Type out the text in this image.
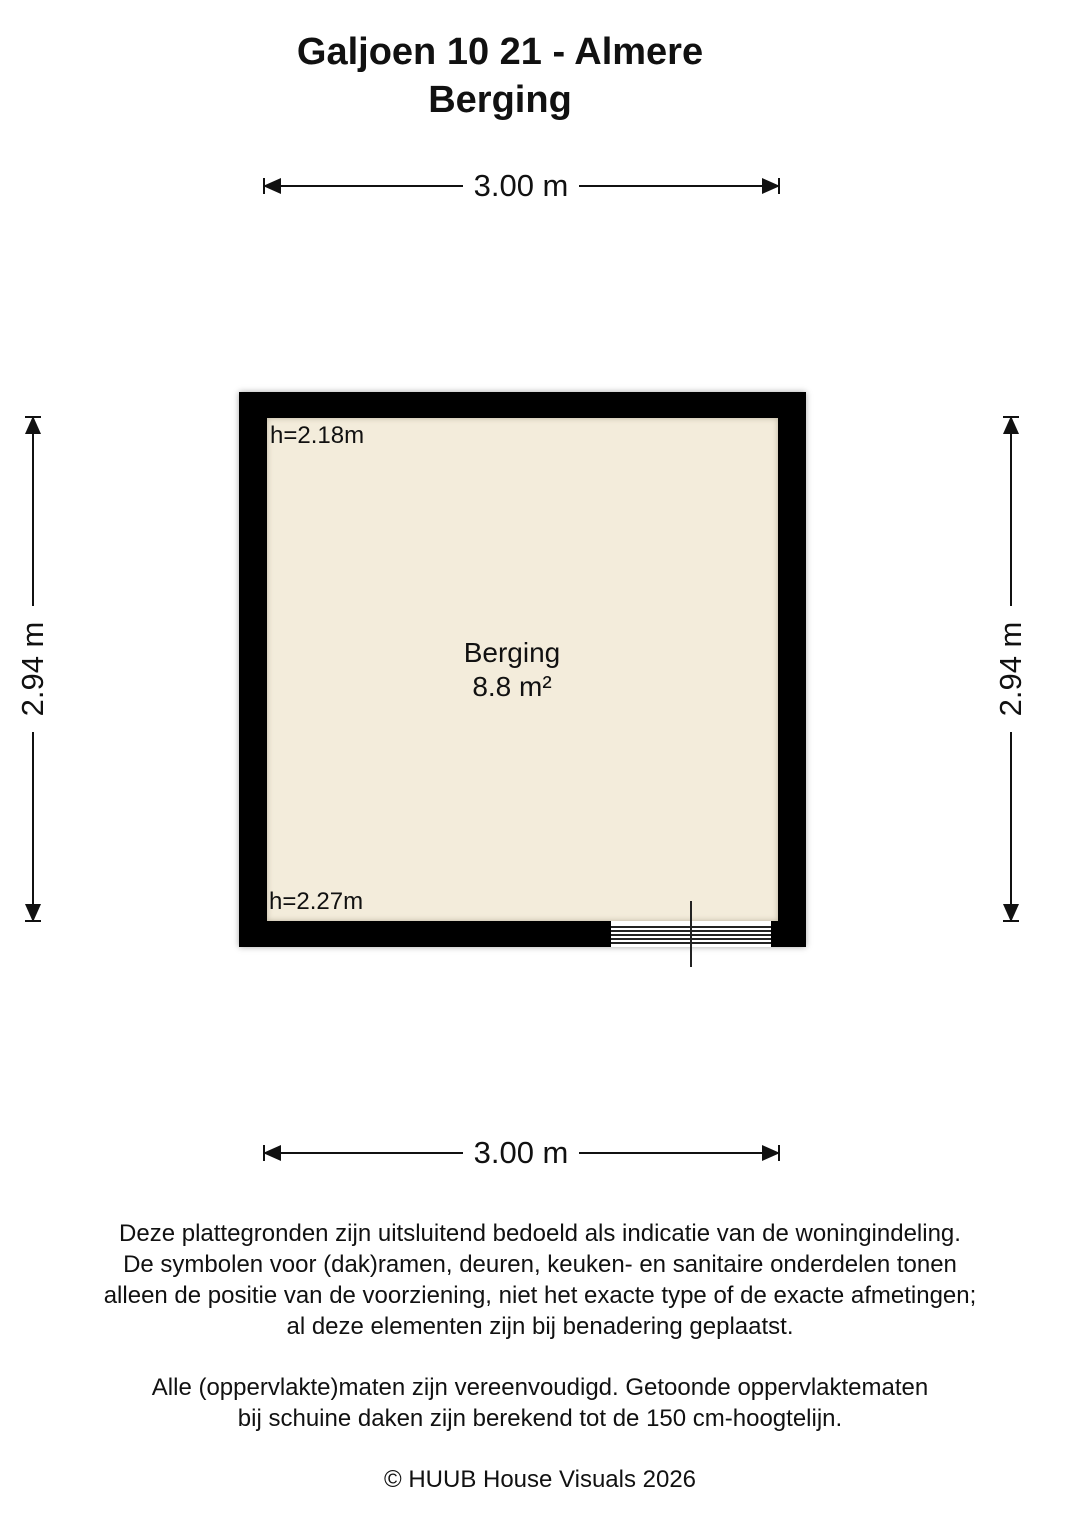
Galjoen 10 21 - Almere
Berging
3.00 m
2.94 m	2.94 m
h=2.18m
h=2.27m
Berging
8.8 m²
3.00 m
Deze plattegronden zijn uitsluitend bedoeld als indicatie van de woningindeling.
De symbolen voor (dak)ramen, deuren, keuken- en sanitaire onderdelen tonen
alleen de positie van de voorziening, niet het exacte type of de exacte afmetingen;
al deze elementen zijn bij benadering geplaatst.
Alle (oppervlakte)maten zijn vereenvoudigd. Getoonde oppervlaktematen
bij schuine daken zijn berekend tot de 150 cm-hoogtelijn.
© HUUB House Visuals 2026
